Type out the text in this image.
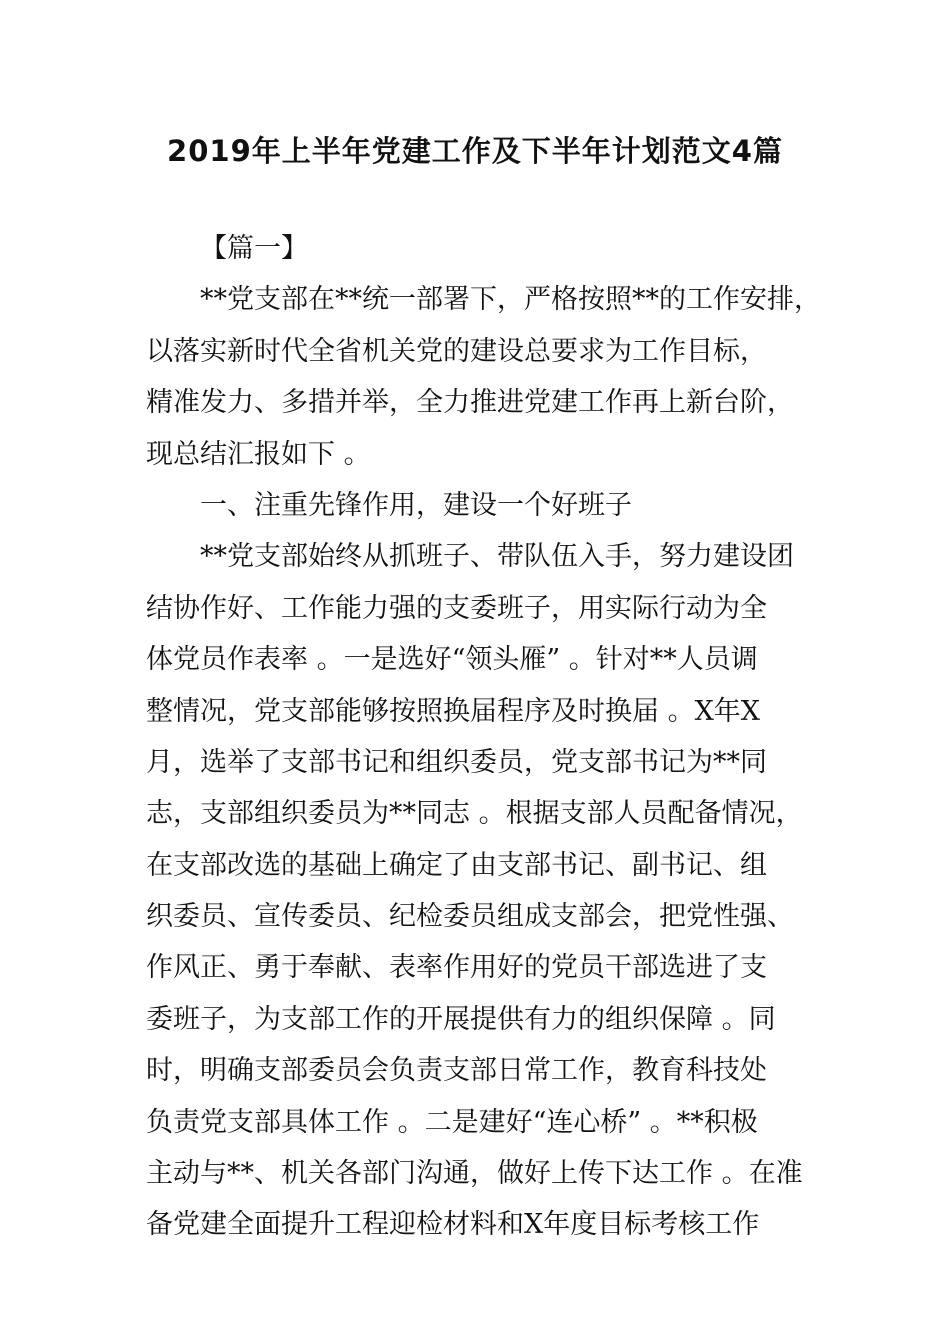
2019年上半年党建工作及下半年计划范文4篇
  【篇一】
  **党支部在**统一部署下，严格按照**的工作安排，
以落实新时代全省机关党的建设总要求为工作目标，
精准发力、多措并举，全力推进党建工作再上新台阶，
现总结汇报如下 。
  一、注重先锋作用，建设一个好班子
  **党支部始终从抓班子、带队伍入手，努力建设团
结协作好、工作能力强的支委班子，用实际行动为全
体党员作表率 。一是选好“领头雁” 。针对**人员调
整情况，党支部能够按照换届程序及时换届 。X年X
月，选举了支部书记和组织委员，党支部书记为**同
志，支部组织委员为**同志 。根据支部人员配备情况，
在支部改选的基础上确定了由支部书记、副书记、组
织委员、宣传委员、纪检委员组成支部会，把党性强、
作风正、勇于奉献、表率作用好的党员干部选进了支
委班子，为支部工作的开展提供有力的组织保障 。同
时，明确支部委员会负责支部日常工作，教育科技处
负责党支部具体工作 。二是建好“连心桥” 。**积极
主动与**、机关各部门沟通，做好上传下达工作 。在准
备党建全面提升工程迎检材料和X年度目标考核工作
